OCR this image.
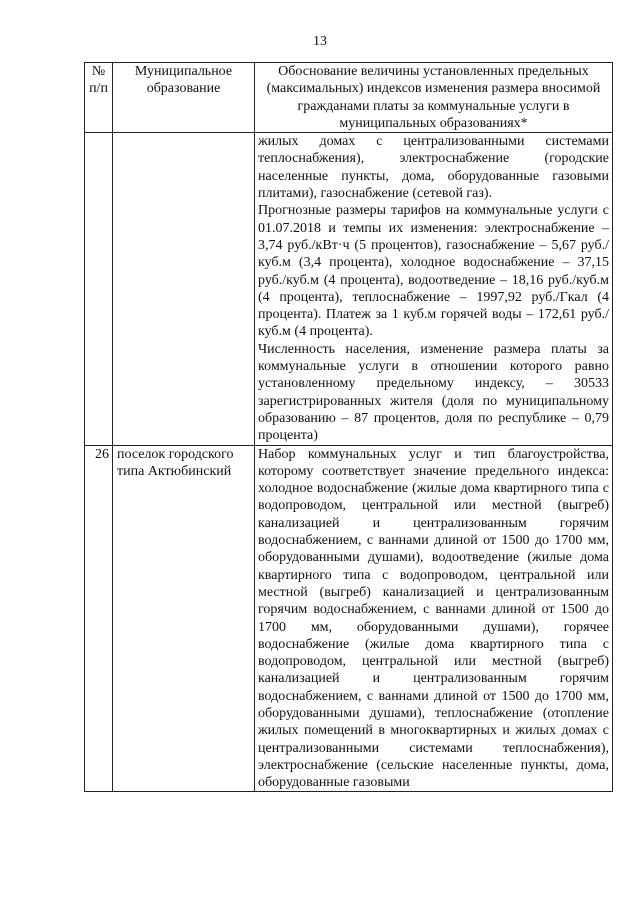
13
№ п/п	Муниципальное образование	Обоснование величины установленных предельных (максимальных) индексов изменения размера вносимой гражданами платы за коммунальные услуги в муниципальных образованиях*

		жилых домах с централизованными системами теплоснабжения), электроснабжение (городские населенные пункты, дома, оборудованные газовыми плитами), газоснабжение (сетевой газ).

Прогнозные размеры тарифов на коммунальные услуги с 01.07.2018 и темпы их изменения: электроснабжение – 3,74 руб./кВт·ч (5 процентов), газоснабжение – 5,67 руб./куб.м (3,4 процента), холодное водоснабжение – 37,15 руб./куб.м (4 процента), водоотведение – 18,16 руб./куб.м (4 процента), теплоснабжение – 1997,92 руб./Гкал (4 процента). Платеж за 1 куб.м горячей воды – 172,61 руб./куб.м (4 процента).

Численность населения, изменение размера платы за коммунальные услуги в отношении которого равно установленному предельному индексу, – 30533 зарегистрированных жителя (доля по муниципальному образованию – 87 процентов, доля по республике – 0,79 процента)

26	поселок городского типа Актюбинский	Набор коммунальных услуг и тип благоустройства, которому соответствует значение предельного индекса: холодное водоснабжение (жилые дома квартирного типа с водопроводом, центральной или местной (выгреб) канализацией и централизованным горячим водоснабжением, с ваннами длиной от 1500 до 1700 мм, оборудованными душами), водоотведение (жилые дома квартирного типа с водопроводом, центральной или местной (выгреб) канализацией и централизованным горячим водоснабжением, с ваннами длиной от 1500 до 1700 мм, оборудованными душами), горячее водоснабжение (жилые дома квартирного типа с водопроводом, центральной или местной (выгреб) канализацией и централизованным горячим водоснабжением, с ваннами длиной от 1500 до 1700 мм, оборудованными душами), теплоснабжение (отопление жилых помещений в многоквартирных и жилых домах с централизованными системами теплоснабжения), электроснабжение (сельские населенные пункты, дома, оборудованные газовыми
